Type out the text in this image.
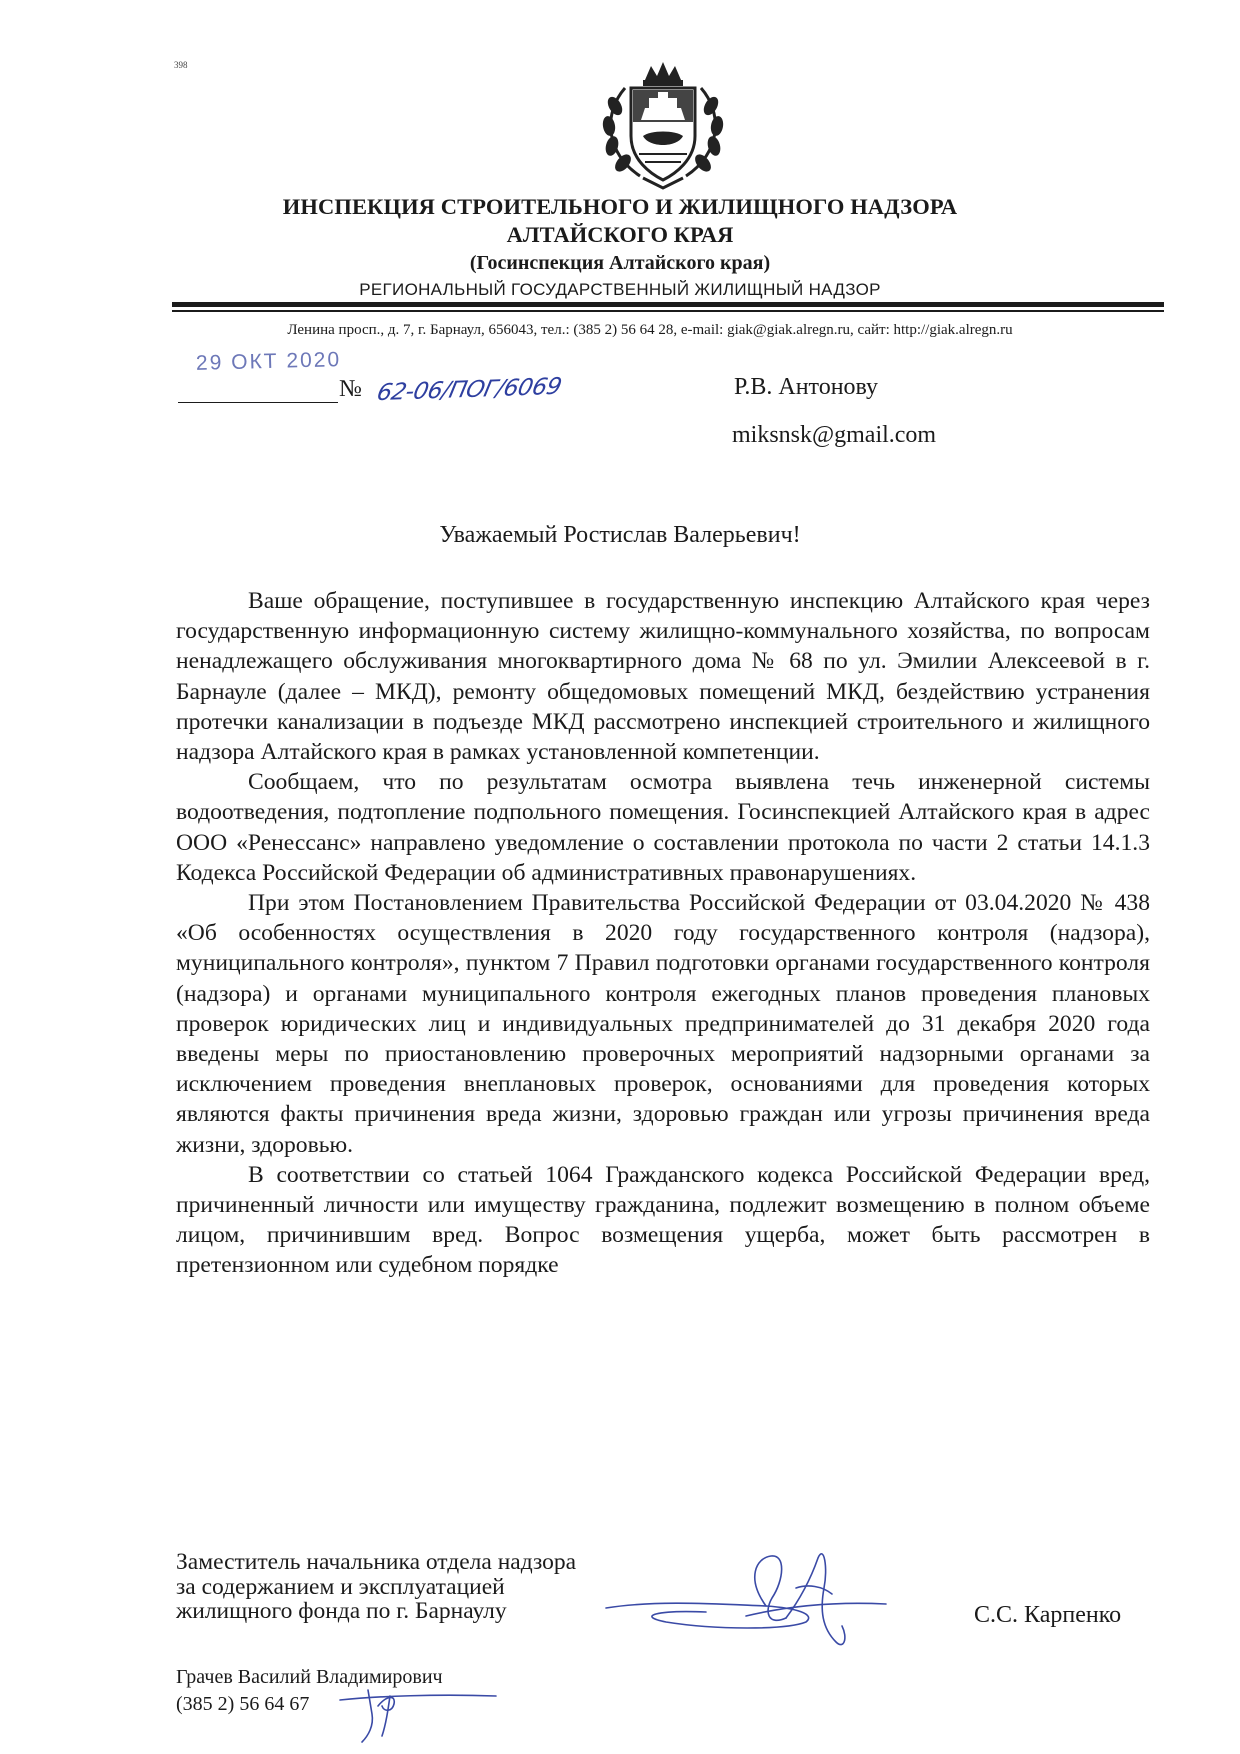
398
ИНСПЕКЦИЯ СТРОИТЕЛЬНОГО И ЖИЛИЩНОГО НАДЗОРА
АЛТАЙСКОГО КРАЯ
(Госинспекция Алтайского края)
РЕГИОНАЛЬНЫЙ ГОСУДАРСТВЕННЫЙ ЖИЛИЩНЫЙ НАДЗОР
Ленина просп., д. 7, г. Барнаул, 656043, тел.: (385 2) 56 64 28, e-mail: giak@giak.alregn.ru, сайт: http://giak.alregn.ru
29 ОКТ 2020
№ 62-06/ПОГ/6069	Р.В. Антонову
miksnsk@gmail.com
Уважаемый Ростислав Валерьевич!

Ваше обращение, поступившее в государственную инспекцию Алтайского края через государственную информационную систему жилищно-коммунального хозяйства, по вопросам ненадлежащего обслуживания многоквартирного дома № 68 по ул. Эмилии Алексеевой в г. Барнауле (далее – МКД), ремонту общедомовых помещений МКД, бездействию устранения протечки канализации в подъезде МКД рассмотрено инспекцией строительного и жилищного надзора Алтайского края в рамках установленной компетенции.

Сообщаем, что по результатам осмотра выявлена течь инженерной системы водоотведения, подтопление подпольного помещения. Госинспекцией Алтайского края в адрес ООО «Ренессанс» направлено уведомление о составлении протокола по части 2 статьи 14.1.3 Кодекса Российской Федерации об административных правонарушениях.

При этом Постановлением Правительства Российской Федерации от 03.04.2020 № 438 «Об особенностях осуществления в 2020 году государственного контроля (надзора), муниципального контроля», пунктом 7 Правил подготовки органами государственного контроля (надзора) и органами муниципального контроля ежегодных планов проведения плановых проверок юридических лиц и индивидуальных предпринимателей до 31 декабря 2020 года введены меры по приостановлению проверочных мероприятий надзорными органами за исключением проведения внеплановых проверок, основаниями для проведения которых являются факты причинения вреда жизни, здоровью граждан или угрозы причинения вреда жизни, здоровью.

В соответствии со статьей 1064 Гражданского кодекса Российской Федерации вред, причиненный личности или имуществу гражданина, подлежит возмещению в полном объеме лицом, причинившим вред. Вопрос возмещения ущерба, может быть рассмотрен в претензионном или судебном порядке

Заместитель начальника отдела надзора
за содержанием и эксплуатацией
жилищного фонда по г. Барнаулу	С.С. Карпенко
Грачев Василий Владимирович
(385 2) 56 64 67
